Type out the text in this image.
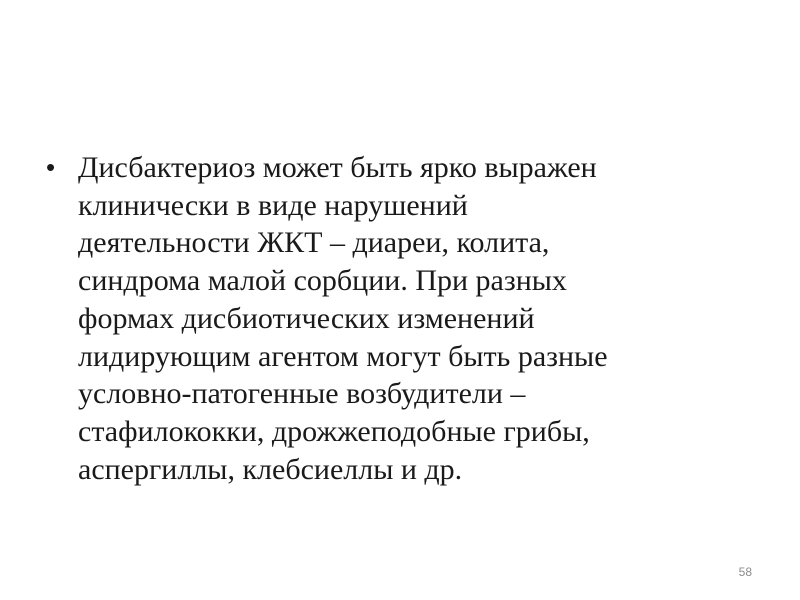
• Дисбактериоз может быть ярко выражен
клинически в виде нарушений
деятельности ЖКТ – диареи, колита,
синдрома малой сорбции. При разных
формах дисбиотических изменений
лидирующим агентом могут быть разные
условно-патогенные возбудители –
стафилококки, дрожжеподобные грибы,
аспергиллы, клебсиеллы и др.
58
